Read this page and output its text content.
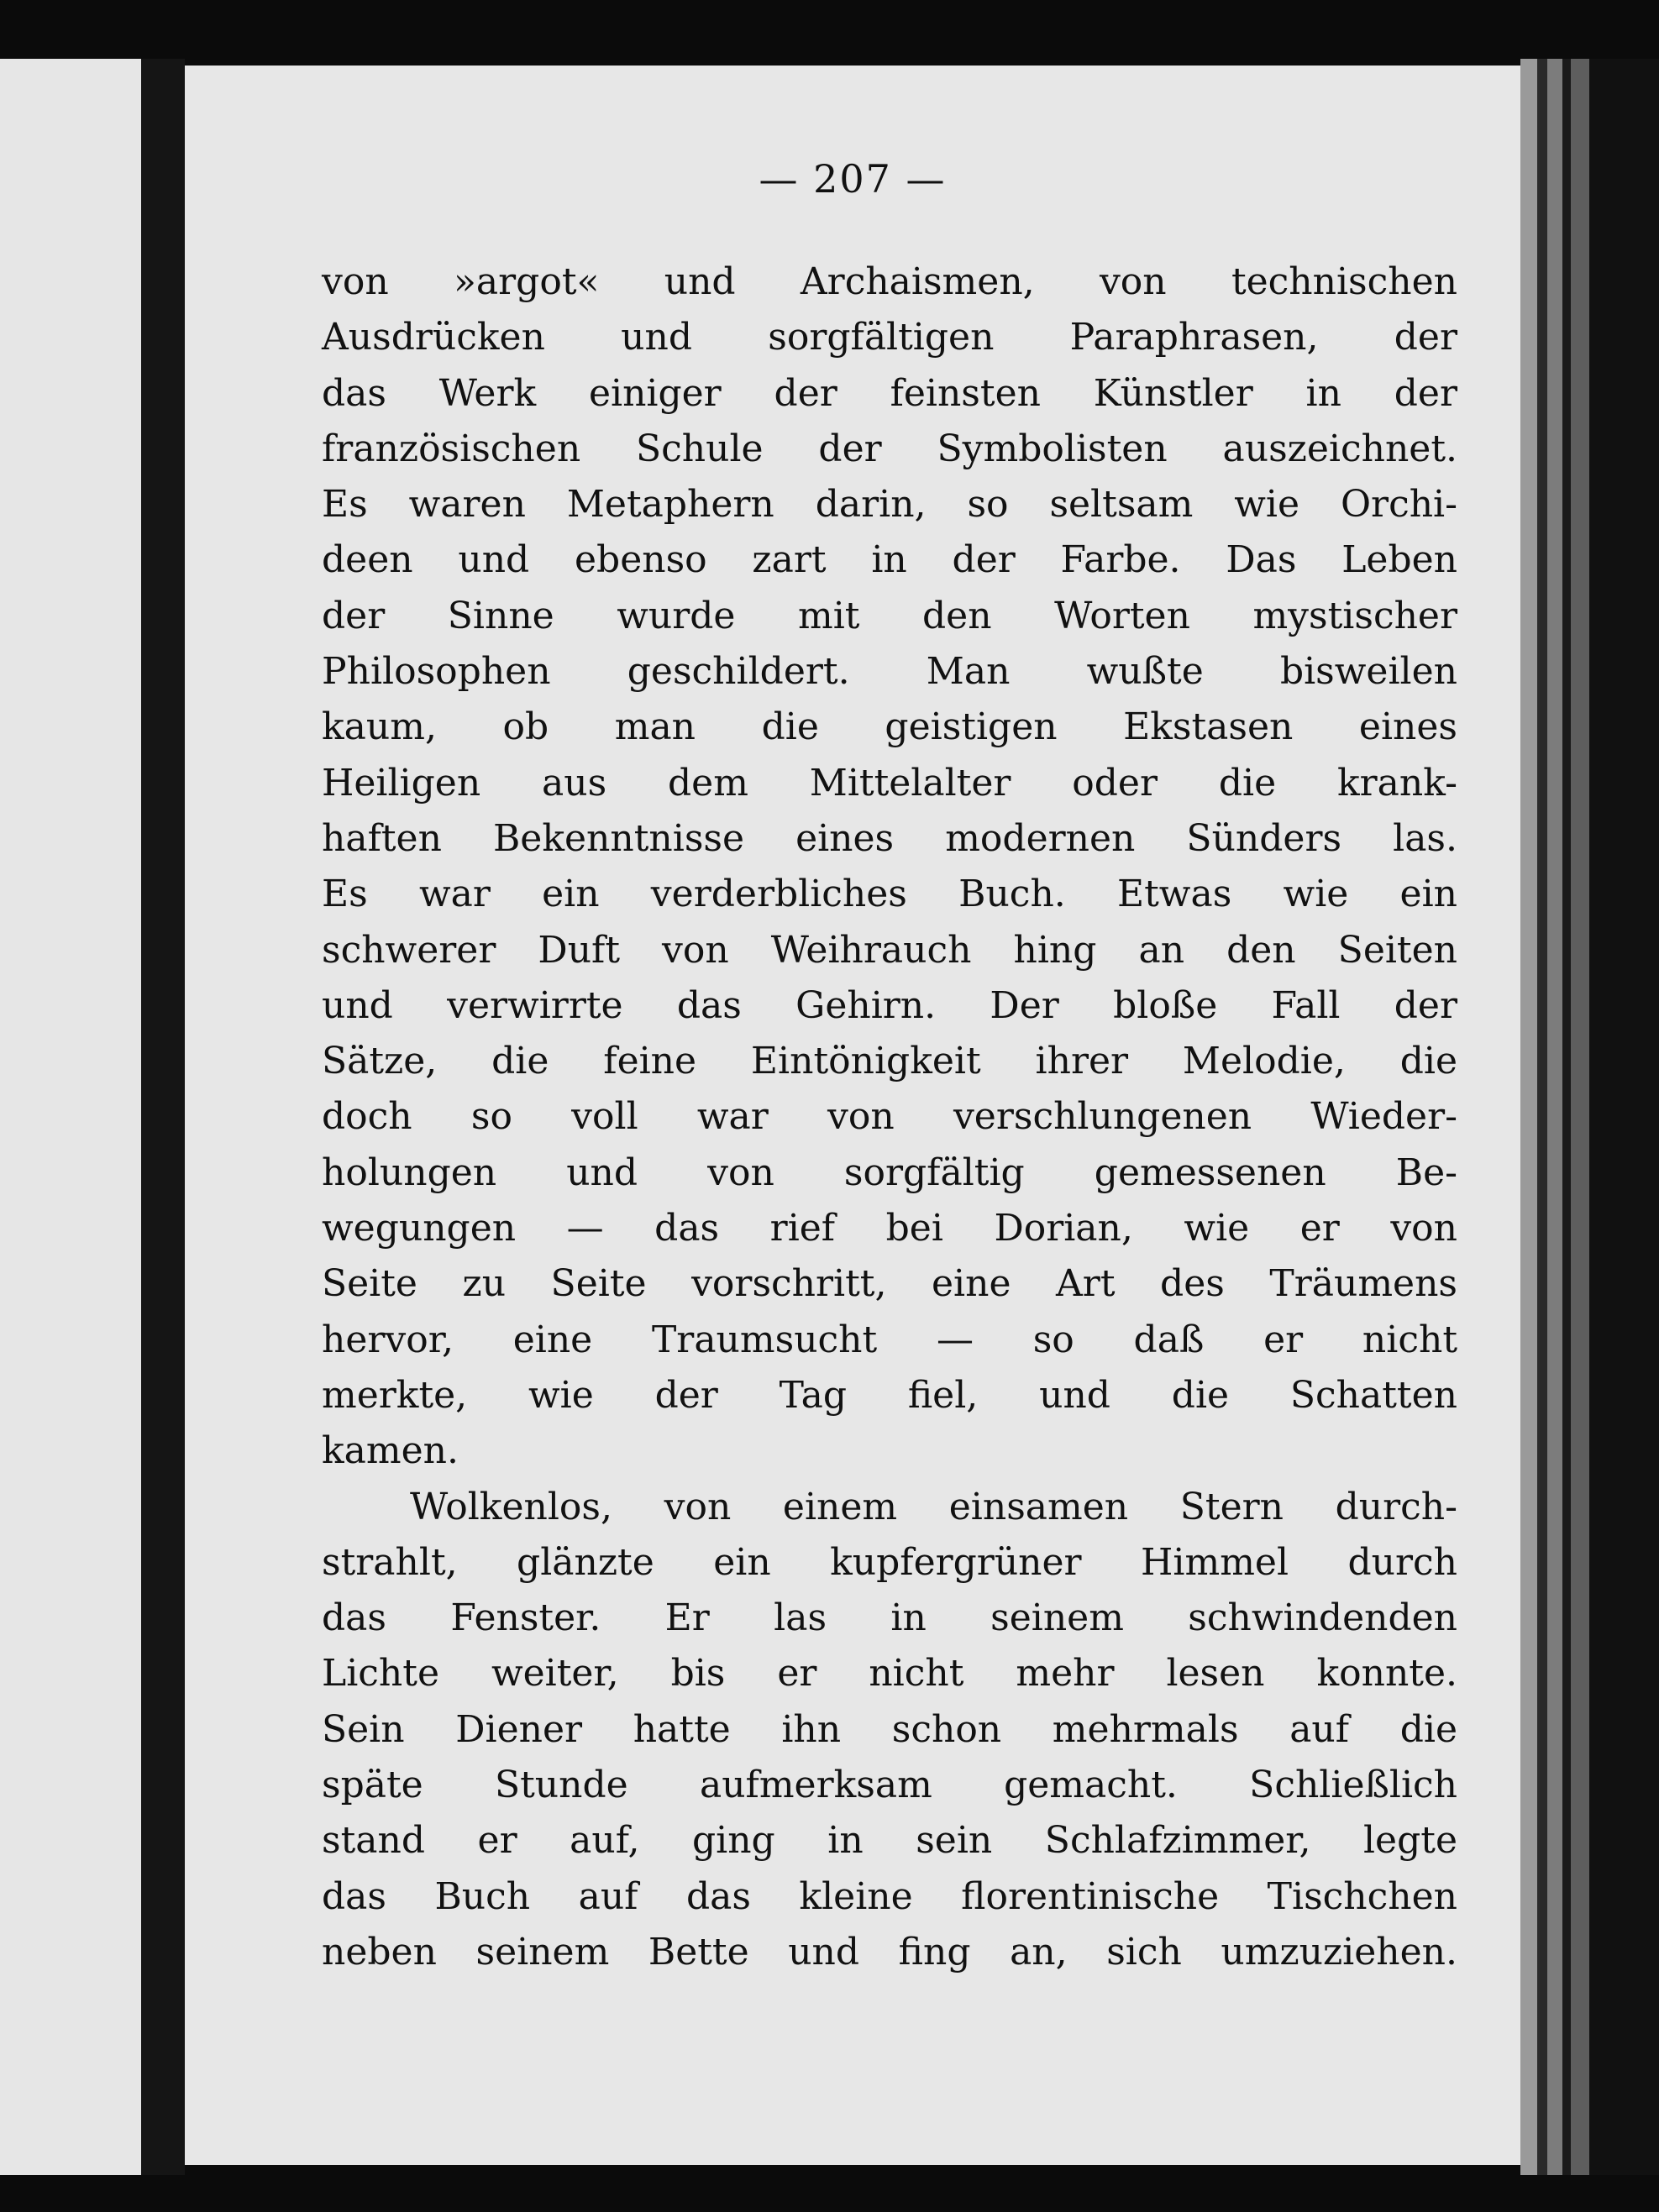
— 207 —
von »argot« und Archaismen, von technischen
Ausdrücken und sorgfältigen Paraphrasen, der
das Werk einiger der feinsten Künstler in der
französischen Schule der Symbolisten auszeichnet.
Es waren Metaphern darin, so seltsam wie Orchi-
deen und ebenso zart in der Farbe. Das Leben
der Sinne wurde mit den Worten mystischer
Philosophen geschildert. Man wußte bisweilen
kaum, ob man die geistigen Ekstasen eines
Heiligen aus dem Mittelalter oder die krank-
haften Bekenntnisse eines modernen Sünders las.
Es war ein verderbliches Buch. Etwas wie ein
schwerer Duft von Weihrauch hing an den Seiten
und verwirrte das Gehirn. Der bloße Fall der
Sätze, die feine Eintönigkeit ihrer Melodie, die
doch so voll war von verschlungenen Wieder-
holungen und von sorgfältig gemessenen Be-
wegungen — das rief bei Dorian, wie er von
Seite zu Seite vorschritt, eine Art des Träumens
hervor, eine Traumsucht — so daß er nicht
merkte, wie der Tag fiel, und die Schatten
kamen.
Wolkenlos, von einem einsamen Stern durch-
strahlt, glänzte ein kupfergrüner Himmel durch
das Fenster. Er las in seinem schwindenden
Lichte weiter, bis er nicht mehr lesen konnte.
Sein Diener hatte ihn schon mehrmals auf die
späte Stunde aufmerksam gemacht. Schließlich
stand er auf, ging in sein Schlafzimmer, legte
das Buch auf das kleine florentinische Tischchen
neben seinem Bette und fing an, sich umzuziehen.
